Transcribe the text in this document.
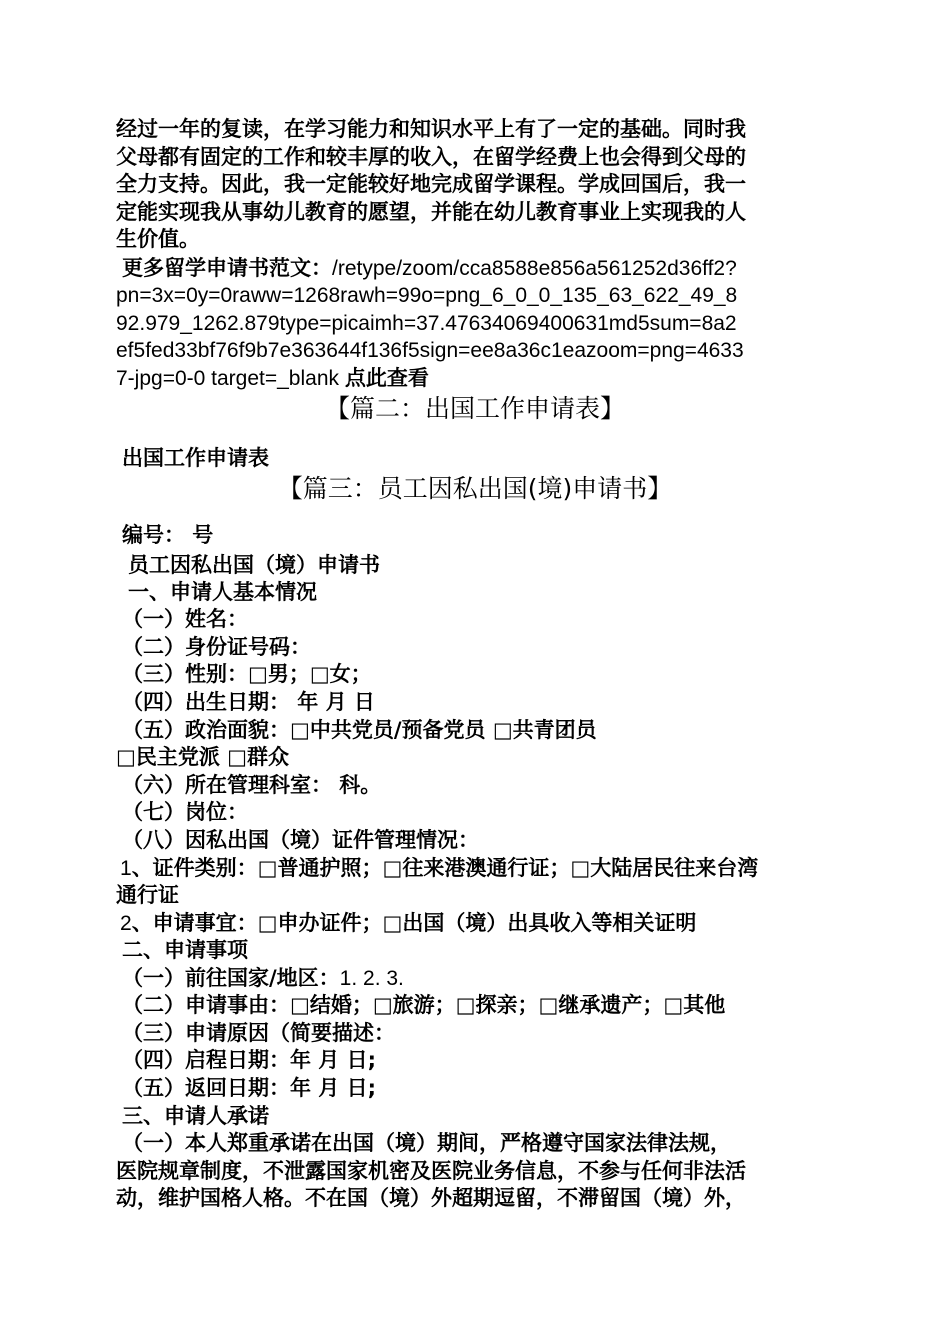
经过一年的复读，在学习能力和知识水平上有了一定的基础。同时我
父母都有固定的工作和较丰厚的收入，在留学经费上也会得到父母的
全力支持。因此，我一定能较好地完成留学课程。学成回国后，我一
定能实现我从事幼儿教育的愿望，并能在幼儿教育事业上实现我的人
生价值。
更多留学申请书范文：/retype/zoom/cca8588e856a561252d36ff2?
pn=3x=0y=0raww=1268rawh=99o=png_6_0_0_135_63_622_49_8
92.979_1262.879type=picaimh=37.47634069400631md5sum=8a2
ef5fed33bf76f9b7e363644f136f5sign=ee8a36c1eazoom=png=4633
7-jpg=0-0 target=_blank 点此查看
【篇二：出国工作申请表】
出国工作申请表
【篇三：员工因私出国(境)申请书】
编号： 号
员工因私出国（境）申请书
一、申请人基本情况
（一）姓名：
（二）身份证号码：
（三）性别：□男；□女；
（四）出生日期： 年 月 日
（五）政治面貌：□中共党员/预备党员 □共青团员
□民主党派 □群众
（六）所在管理科室： 科。
（七）岗位：
（八）因私出国（境）证件管理情况：
1、证件类别：□普通护照；□往来港澳通行证；□大陆居民往来台湾
通行证
2、申请事宜：□申办证件；□出国（境）出具收入等相关证明
二、申请事项
（一）前往国家/地区：1. 2. 3.
（二）申请事由：□结婚；□旅游；□探亲；□继承遗产；□其他
（三）申请原因（简要描述：
（四）启程日期：年 月 日;
（五）返回日期：年 月 日;
三、申请人承诺
（一）本人郑重承诺在出国（境）期间，严格遵守国家法律法规，
医院规章制度，不泄露国家机密及医院业务信息，不参与任何非法活
动，维护国格人格。不在国（境）外超期逗留，不滞留国（境）外，
